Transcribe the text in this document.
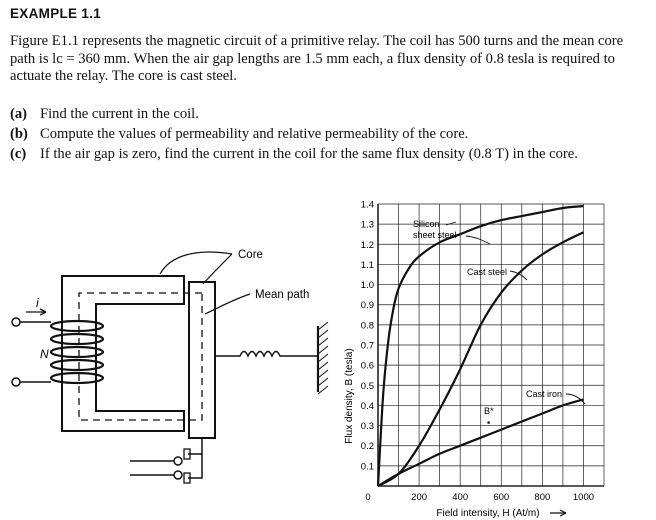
EXAMPLE 1.1
Figure E1.1 represents the magnetic circuit of a primitive relay. The coil has 500 turns and the mean core path is lc = 360 mm. When the air gap lengths are 1.5 mm each, a flux density of 0.8 tesla is required to actuate the relay. The core is cast steel.
(a) Find the current in the coil.
(b) Compute the values of permeability and relative permeability of the core.
(c) If the air gap is zero, find the current in the coil for the same flux density (0.8 T) in the core.
Core
Mean path
i
N	Flux density, B (tesla)
0.1
0.2
0.3
0.4
0.5
0.6
0.7
0.8
0.9
1.0
1.1
1.2
1.3
1.4
0	200	400	600	800 1000
Silicon
sheet steel
Cast steel
Cast iron
B*
Field intensity, H (At/m)
